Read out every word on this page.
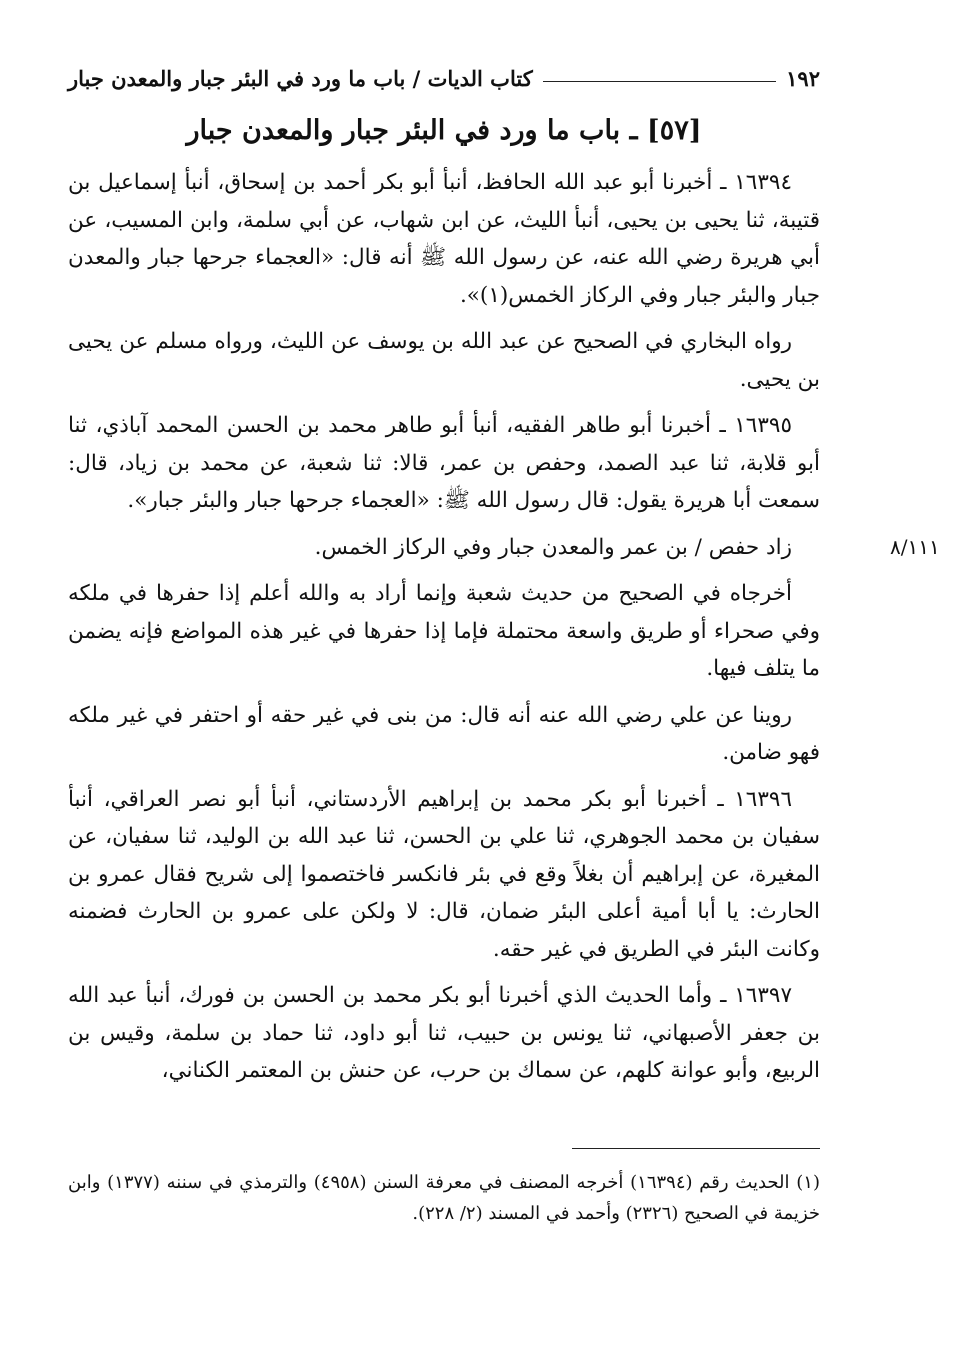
١٩٢
كتاب الديات / باب ما ورد في البئر جبار والمعدن جبار
[٥٧] ـ باب ما ورد في البئر جبار والمعدن جبار

١٦٣٩٤ ـ أخبرنا أبو عبد الله الحافظ، أنبأ أبو بكر أحمد بن إسحاق، أنبأ إسماعيل بن قتيبة، ثنا يحيى بن يحيى، أنبأ الليث، عن ابن شهاب، عن أبي سلمة، وابن المسيب، عن أبي هريرة رضي الله عنه، عن رسول الله ﷺ أنه قال: «العجماء جرحها جبار والمعدن جبار والبئر جبار وفي الركاز الخمس(١)».

رواه البخاري في الصحيح عن عبد الله بن يوسف عن الليث، ورواه مسلم عن يحيى بن يحيى.

١٦٣٩٥ ـ أخبرنا أبو طاهر الفقيه، أنبأ أبو طاهر محمد بن الحسن المحمد آباذي، ثنا أبو قلابة، ثنا عبد الصمد، وحفص بن عمر، قالا: ثنا شعبة، عن محمد بن زياد، قال: سمعت أبا هريرة يقول: قال رسول الله ﷺ: «العجماء جرحها جبار والبئر جبار».

٨/١١١

زاد حفص / بن عمر والمعدن جبار وفي الركاز الخمس.

أخرجاه في الصحيح من حديث شعبة وإنما أراد به والله أعلم إذا حفرها في ملكه وفي صحراء أو طريق واسعة محتملة فإما إذا حفرها في غير هذه المواضع فإنه يضمن ما يتلف فيها.

روينا عن علي رضي الله عنه أنه قال: من بنى في غير حقه أو احتفر في غير ملكه فهو ضامن.

١٦٣٩٦ ـ أخبرنا أبو بكر محمد بن إبراهيم الأردستاني، أنبأ أبو نصر العراقي، أنبأ سفيان بن محمد الجوهري، ثنا علي بن الحسن، ثنا عبد الله بن الوليد، ثنا سفيان، عن المغيرة، عن إبراهيم أن بغلاً وقع في بئر فانكسر فاختصموا إلى شريح فقال عمرو بن الحارث: يا أبا أمية أعلى البئر ضمان، قال: لا ولكن على عمرو بن الحارث فضمنه وكانت البئر في الطريق في غير حقه.

١٦٣٩٧ ـ وأما الحديث الذي أخبرنا أبو بكر محمد بن الحسن بن فورك، أنبأ عبد الله بن جعفر الأصبهاني، ثنا يونس بن حبيب، ثنا أبو داود، ثنا حماد بن سلمة، وقيس بن الربيع، وأبو عوانة كلهم، عن سماك بن حرب، عن حنش بن المعتمر الكناني،

(١) الحديث رقم (١٦٣٩٤) أخرجه المصنف في معرفة السنن (٤٩٥٨) والترمذي في سننه (١٣٧٧) وابن خزيمة في الصحيح (٢٣٢٦) وأحمد في المسند (٢/ ٢٢٨).
